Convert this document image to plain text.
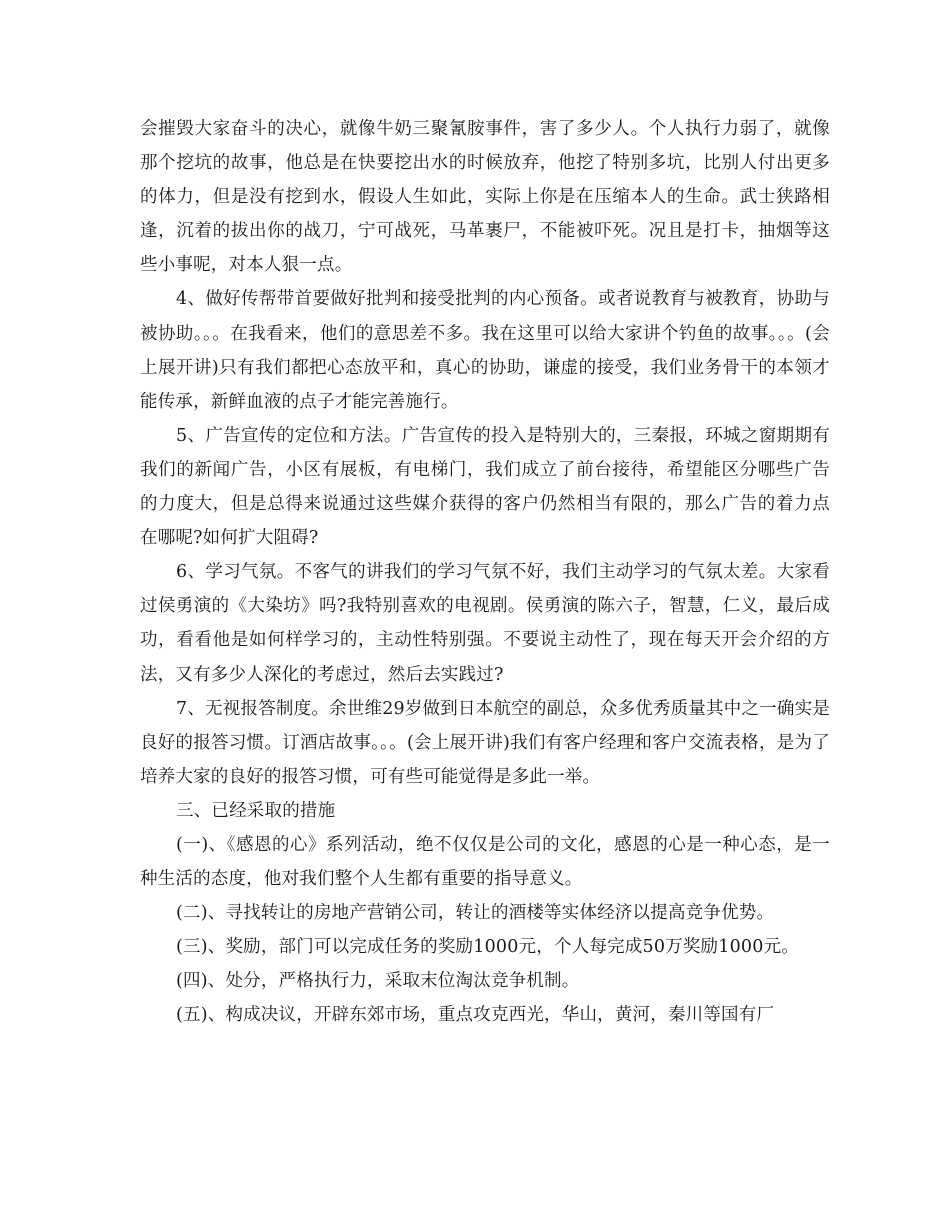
会摧毁大家奋斗的决心，就像牛奶三聚氰胺事件，害了多少人。个人执行力弱了，就像那个挖坑的故事，他总是在快要挖出水的时候放弃，他挖了特别多坑，比别人付出更多的体力，但是没有挖到水，假设人生如此，实际上你是在压缩本人的生命。武士狭路相逢，沉着的拔出你的战刀，宁可战死，马革裹尸，不能被吓死。况且是打卡，抽烟等这些小事呢，对本人狠一点。

4、做好传帮带首要做好批判和接受批判的内心预备。或者说教育与被教育，协助与被协助。。。在我看来，他们的意思差不多。我在这里可以给大家讲个钓鱼的故事。。。(会上展开讲)只有我们都把心态放平和，真心的协助，谦虚的接受，我们业务骨干的本领才能传承，新鲜血液的点子才能完善施行。

5、广告宣传的定位和方法。广告宣传的投入是特别大的，三秦报，环城之窗期期有我们的新闻广告，小区有展板，有电梯门，我们成立了前台接待，希望能区分哪些广告的力度大，但是总得来说通过这些媒介获得的客户仍然相当有限的，那么广告的着力点在哪呢?如何扩大阻碍?

6、学习气氛。不客气的讲我们的学习气氛不好，我们主动学习的气氛太差。大家看过侯勇演的《大染坊》吗?我特别喜欢的电视剧。侯勇演的陈六子，智慧，仁义，最后成功，看看他是如何样学习的，主动性特别强。不要说主动性了，现在每天开会介绍的方法，又有多少人深化的考虑过，然后去实践过?

7、无视报答制度。余世维29岁做到日本航空的副总，众多优秀质量其中之一确实是良好的报答习惯。订酒店故事。。。(会上展开讲)我们有客户经理和客户交流表格，是为了培养大家的良好的报答习惯，可有些可能觉得是多此一举。

三、已经采取的措施

(一)、《感恩的心》系列活动，绝不仅仅是公司的文化，感恩的心是一种心态，是一种生活的态度，他对我们整个人生都有重要的指导意义。

(二)、寻找转让的房地产营销公司，转让的酒楼等实体经济以提高竞争优势。

(三)、奖励，部门可以完成任务的奖励1000元，个人每完成50万奖励1000元。

(四)、处分，严格执行力，采取末位淘汰竞争机制。

(五)、构成决议，开辟东郊市场，重点攻克西光，华山，黄河，秦川等国有厂
